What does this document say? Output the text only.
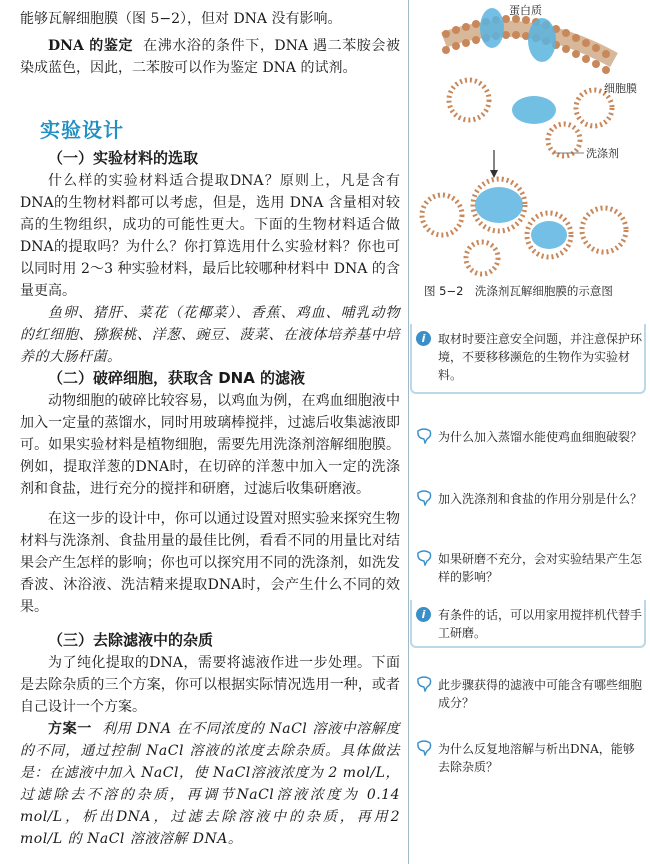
能够瓦解细胞膜（图 5−2），但对 DNA 没有影响。

DNA 的鉴定 在沸水浴的条件下，DNA 遇二苯胺会被染成蓝色，因此，二苯胺可以作为鉴定 DNA 的试剂。

实验设计

（一）实验材料的选取

什么样的实验材料适合提取DNA？原则上，凡是含有DNA的生物材料都可以考虑，但是，选用 DNA 含量相对较高的生物组织，成功的可能性更大。下面的生物材料适合做DNA的提取吗？为什么？你打算选用什么实验材料？你也可以同时用 2～3 种实验材料，最后比较哪种材料中 DNA 的含量更高。

鱼卵、猪肝、菜花（花椰菜）、香蕉、鸡血、哺乳动物的红细胞、猕猴桃、洋葱、豌豆、菠菜、在液体培养基中培养的大肠杆菌。

（二）破碎细胞，获取含 DNA 的滤液

动物细胞的破碎比较容易，以鸡血为例，在鸡血细胞液中加入一定量的蒸馏水，同时用玻璃棒搅拌，过滤后收集滤液即可。如果实验材料是植物细胞，需要先用洗涤剂溶解细胞膜。例如，提取洋葱的DNA时，在切碎的洋葱中加入一定的洗涤剂和食盐，进行充分的搅拌和研磨，过滤后收集研磨液。

在这一步的设计中，你可以通过设置对照实验来探究生物材料与洗涤剂、食盐用量的最佳比例，看看不同的用量比对结果会产生怎样的影响；你也可以探究用不同的洗涤剂，如洗发香波、沐浴液、洗洁精来提取DNA时，会产生什么不同的效果。

（三）去除滤液中的杂质

为了纯化提取的DNA，需要将滤液作进一步处理。下面是去除杂质的三个方案，你可以根据实际情况选用一种，或者自己设计一个方案。

方案一 利用 DNA 在不同浓度的 NaCl 溶液中溶解度的不同，通过控制 NaCl 溶液的浓度去除杂质。具体做法是：在滤液中加入 NaCl，使 NaCl溶液浓度为 2 mol/L，过滤除去不溶的杂质，再调节NaCl溶液浓度为 0.14 mol/L，析出DNA，过滤去除溶液中的杂质，再用2 mol/L 的 NaCl 溶液溶解 DNA。

蛋白质
细胞膜
洗涤剂
图 5−2　洗涤剂瓦解细胞膜的示意图
i	取材时要注意安全问题，并注意保护环境，不要移移濒危的生物作为实验材料。
为什么加入蒸馏水能使鸡血细胞破裂？
加入洗涤剂和食盐的作用分别是什么？
如果研磨不充分，会对实验结果产生怎样的影响？
i	有条件的话，可以用家用搅拌机代替手工研磨。
此步骤获得的滤液中可能含有哪些细胞成分？
为什么反复地溶解与析出DNA，能够去除杂质？
